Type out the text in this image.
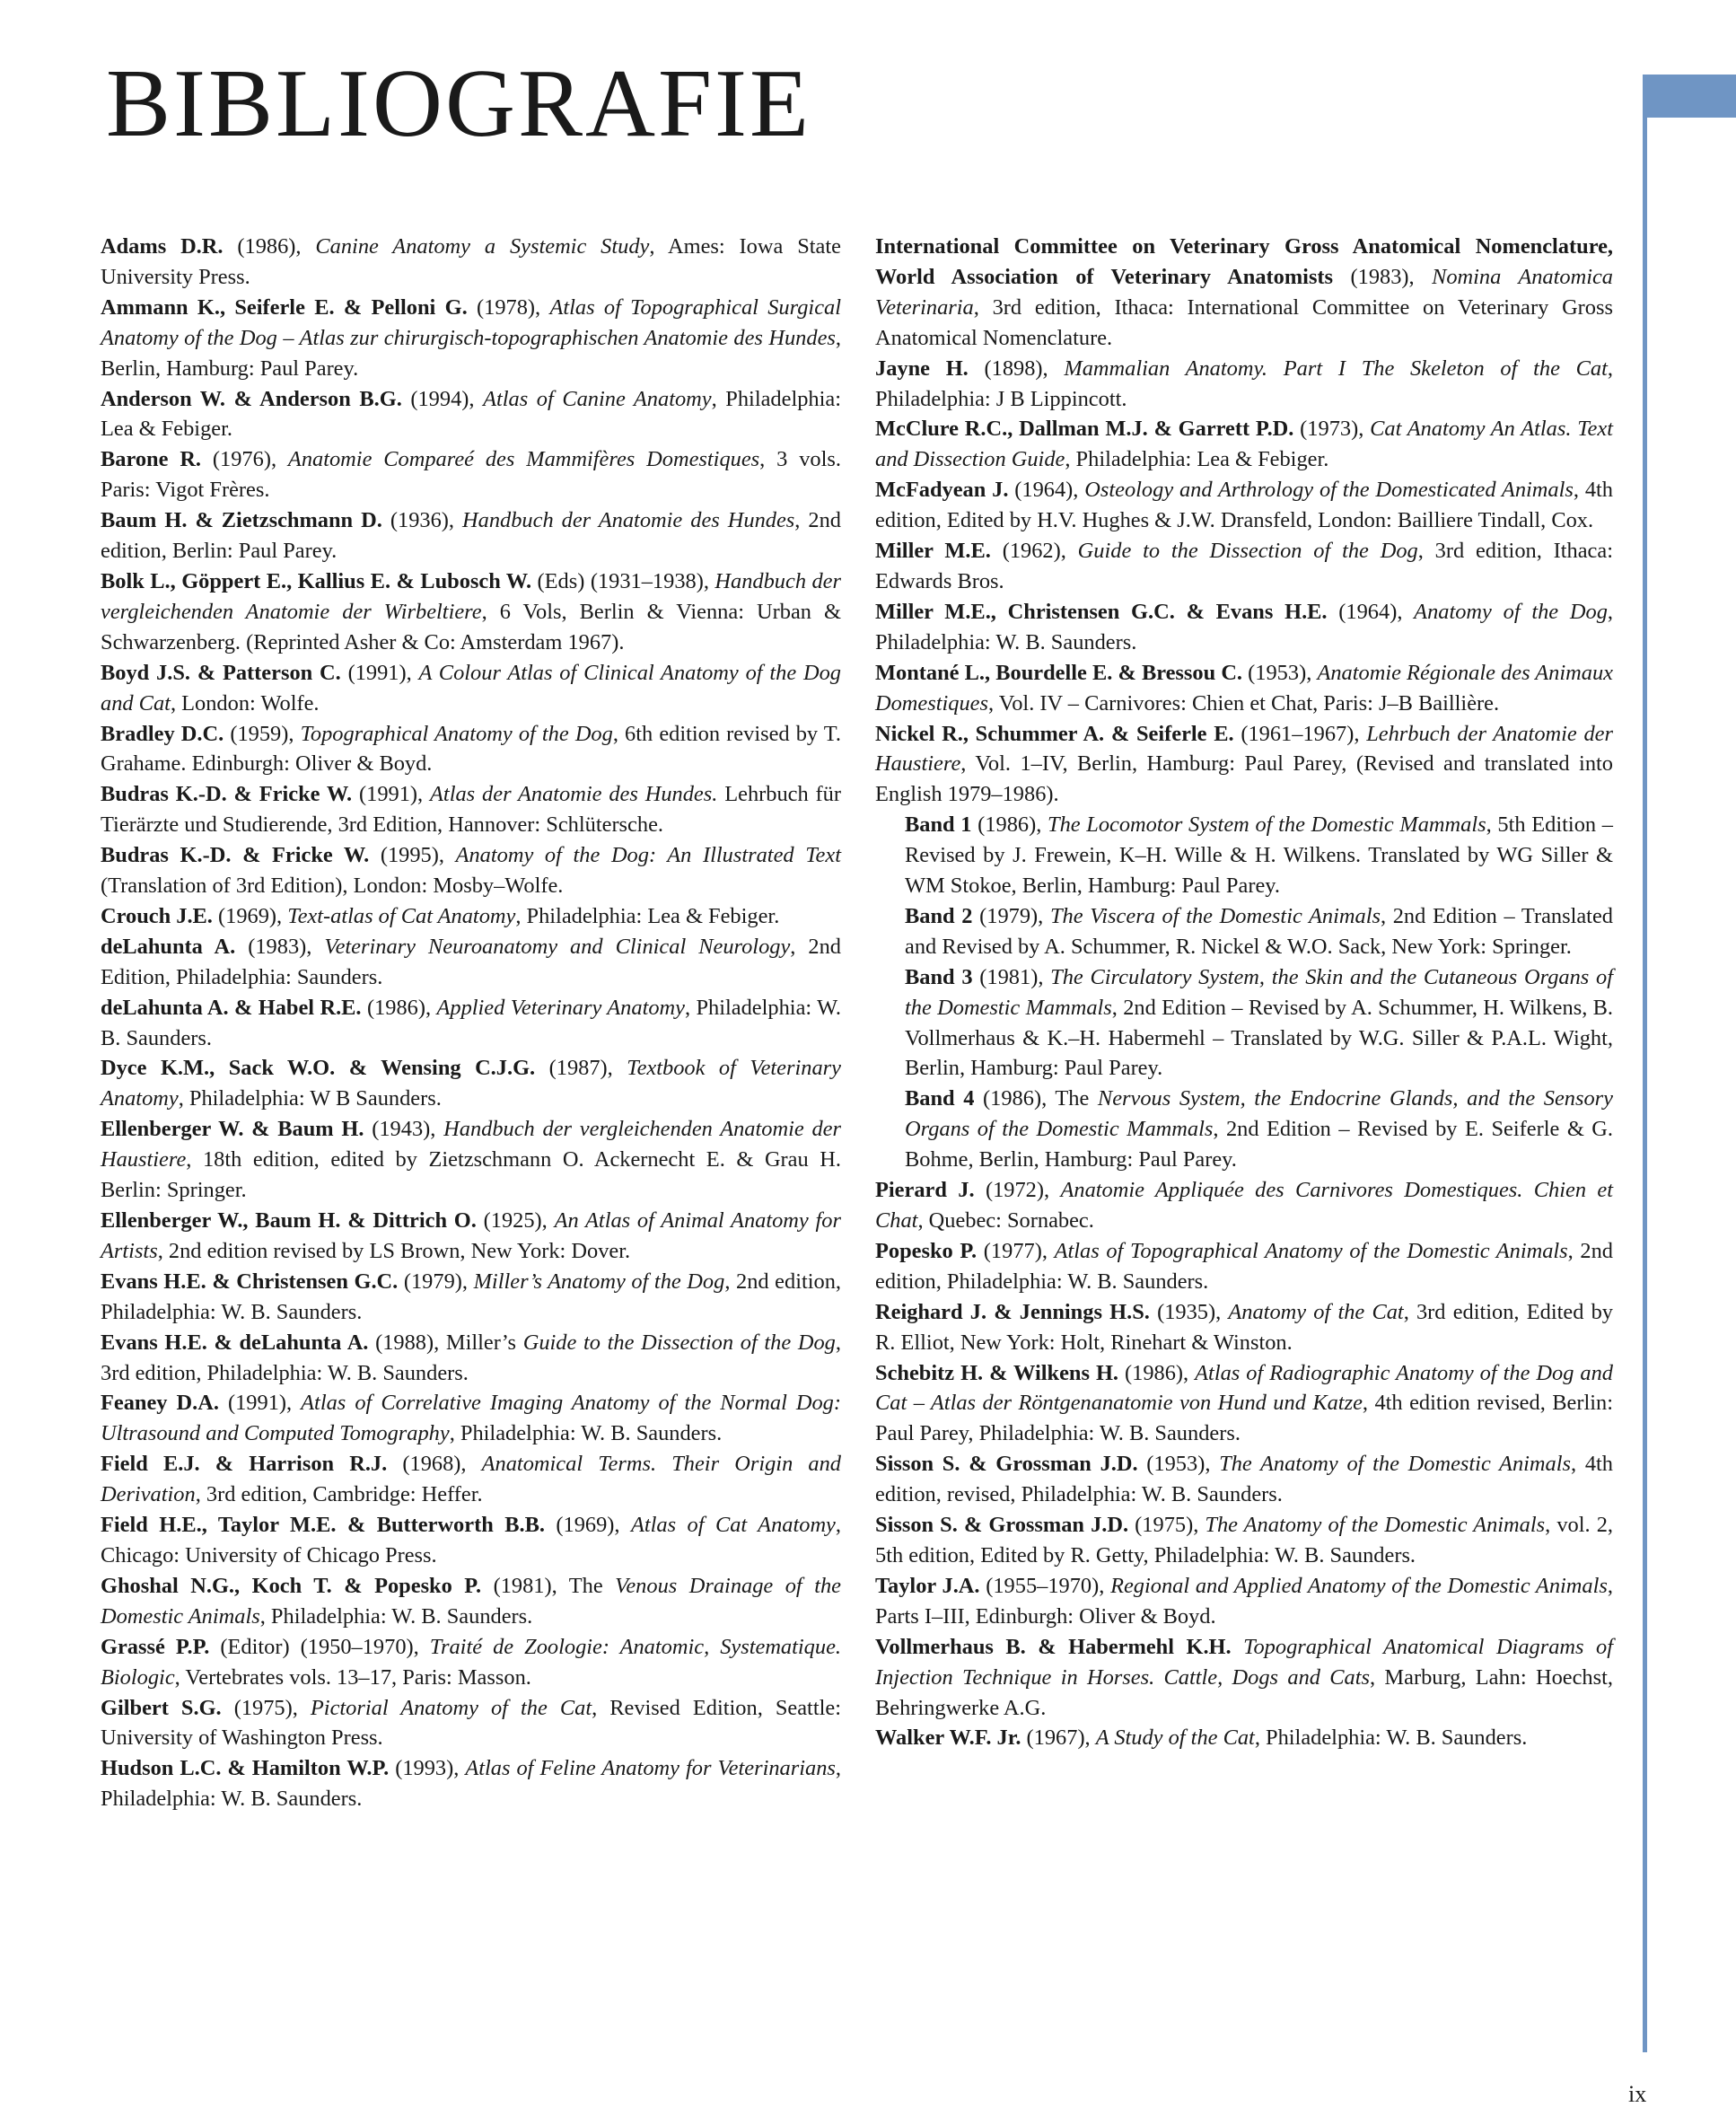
BIBLIOGRAFIE

Adams D.R. (1986), Canine Anatomy a Systemic Study, Ames: Iowa State University Press.

Ammann K., Seiferle E. & Pelloni G. (1978), Atlas of Topographical Surgical Anatomy of the Dog – Atlas zur chirurgisch-topographischen Anatomie des Hundes, Berlin, Hamburg: Paul Parey.

Anderson W. & Anderson B.G. (1994), Atlas of Canine Anatomy, Philadelphia: Lea & Febiger.

Barone R. (1976), Anatomie Compareé des Mammifères Domestiques, 3 vols. Paris: Vigot Frères.

Baum H. & Zietzschmann D. (1936), Handbuch der Anatomie des Hundes, 2nd edition, Berlin: Paul Parey.

Bolk L., Göppert E., Kallius E. & Lubosch W. (Eds) (1931–1938), Handbuch der vergleichenden Anatomie der Wirbeltiere, 6 Vols, Berlin & Vienna: Urban & Schwarzenberg. (Reprinted Asher & Co: Amsterdam 1967).

Boyd J.S. & Patterson C. (1991), A Colour Atlas of Clinical Anatomy of the Dog and Cat, London: Wolfe.

Bradley D.C. (1959), Topographical Anatomy of the Dog, 6th edition revised by T. Grahame. Edinburgh: Oliver & Boyd.

Budras K.-D. & Fricke W. (1991), Atlas der Anatomie des Hundes. Lehrbuch für Tierärzte und Studierende, 3rd Edition, Hannover: Schlütersche.

Budras K.-D. & Fricke W. (1995), Anatomy of the Dog: An Illustrated Text (Translation of 3rd Edition), London: Mosby–Wolfe.

Crouch J.E. (1969), Text-atlas of Cat Anatomy, Philadelphia: Lea & Febiger.

deLahunta A. (1983), Veterinary Neuroanatomy and Clinical Neurology, 2nd Edition, Philadelphia: Saunders.

deLahunta A. & Habel R.E. (1986), Applied Veterinary Anatomy, Philadelphia: W. B. Saunders.

Dyce K.M., Sack W.O. & Wensing C.J.G. (1987), Textbook of Veterinary Anatomy, Philadelphia: W B Saunders.

Ellenberger W. & Baum H. (1943), Handbuch der vergleichenden Anatomie der Haustiere, 18th edition, edited by Zietzschmann O. Ackernecht E. & Grau H. Berlin: Springer.

Ellenberger W., Baum H. & Dittrich O. (1925), An Atlas of Animal Anatomy for Artists, 2nd edition revised by LS Brown, New York: Dover.

Evans H.E. & Christensen G.C. (1979), Miller’s Anatomy of the Dog, 2nd edition, Philadelphia: W. B. Saunders.

Evans H.E. & deLahunta A. (1988), Miller’s Guide to the Dissection of the Dog, 3rd edition, Philadelphia: W. B. Saunders.

Feaney D.A. (1991), Atlas of Correlative Imaging Anatomy of the Normal Dog: Ultrasound and Computed Tomography, Philadelphia: W. B. Saunders.

Field E.J. & Harrison R.J. (1968), Anatomical Terms. Their Origin and Derivation, 3rd edition, Cambridge: Heffer.

Field H.E., Taylor M.E. & Butterworth B.B. (1969), Atlas of Cat Anatomy, Chicago: University of Chicago Press.

Ghoshal N.G., Koch T. & Popesko P. (1981), The Venous Drainage of the Domestic Animals, Philadelphia: W. B. Saunders.

Grassé P.P. (Editor) (1950–1970), Traité de Zoologie: Anatomic, Systematique. Biologic, Vertebrates vols. 13–17, Paris: Masson.

Gilbert S.G. (1975), Pictorial Anatomy of the Cat, Revised Edition, Seattle: University of Washington Press.

Hudson L.C. & Hamilton W.P. (1993), Atlas of Feline Anatomy for Veterinarians, Philadelphia: W. B. Saunders.

International Committee on Veterinary Gross Anatomical Nomenclature, World Association of Veterinary Anatomists (1983), Nomina Anatomica Veterinaria, 3rd edition, Ithaca: International Committee on Veterinary Gross Anatomical Nomenclature.

Jayne H. (1898), Mammalian Anatomy. Part I The Skeleton of the Cat, Philadelphia: J B Lippincott.

McClure R.C., Dallman M.J. & Garrett P.D. (1973), Cat Anatomy An Atlas. Text and Dissection Guide, Philadelphia: Lea & Febiger.

McFadyean J. (1964), Osteology and Arthrology of the Domesticated Animals, 4th edition, Edited by H.V. Hughes & J.W. Dransfeld, London: Bailliere Tindall, Cox.

Miller M.E. (1962), Guide to the Dissection of the Dog, 3rd edition, Ithaca: Edwards Bros.

Miller M.E., Christensen G.C. & Evans H.E. (1964), Anatomy of the Dog, Philadelphia: W. B. Saunders.

Montané L., Bourdelle E. & Bressou C. (1953), Anatomie Régionale des Animaux Domestiques, Vol. IV – Carnivores: Chien et Chat, Paris: J–B Baillière.

Nickel R., Schummer A. & Seiferle E. (1961–1967), Lehrbuch der Anatomie der Haustiere, Vol. 1–IV, Berlin, Hamburg: Paul Parey, (Revised and translated into English 1979–1986).

Band 1 (1986), The Locomotor System of the Domestic Mammals, 5th Edition – Revised by J. Frewein, K–H. Wille & H. Wilkens. Translated by WG Siller & WM Stokoe, Berlin, Hamburg: Paul Parey.

Band 2 (1979), The Viscera of the Domestic Animals, 2nd Edition – Translated and Revised by A. Schummer, R. Nickel & W.O. Sack, New York: Springer.

Band 3 (1981), The Circulatory System, the Skin and the Cutaneous Organs of the Domestic Mammals, 2nd Edition – Revised by A. Schummer, H. Wilkens, B. Vollmerhaus & K.–H. Habermehl – Translated by W.G. Siller & P.A.L. Wight, Berlin, Hamburg: Paul Parey.

Band 4 (1986), The Nervous System, the Endocrine Glands, and the Sensory Organs of the Domestic Mammals, 2nd Edition – Revised by E. Seiferle & G. Bohme, Berlin, Hamburg: Paul Parey.

Pierard J. (1972), Anatomie Appliquée des Carnivores Domestiques. Chien et Chat, Quebec: Sornabec.

Popesko P. (1977), Atlas of Topographical Anatomy of the Domestic Animals, 2nd edition, Philadelphia: W. B. Saunders.

Reighard J. & Jennings H.S. (1935), Anatomy of the Cat, 3rd edition, Edited by R. Elliot, New York: Holt, Rinehart & Winston.

Schebitz H. & Wilkens H. (1986), Atlas of Radiographic Anatomy of the Dog and Cat – Atlas der Röntgenanatomie von Hund und Katze, 4th edition revised, Berlin: Paul Parey, Philadelphia: W. B. Saunders.

Sisson S. & Grossman J.D. (1953), The Anatomy of the Domestic Animals, 4th edition, revised, Philadelphia: W. B. Saunders.

Sisson S. & Grossman J.D. (1975), The Anatomy of the Domestic Animals, vol. 2, 5th edition, Edited by R. Getty, Philadelphia: W. B. Saunders.

Taylor J.A. (1955–1970), Regional and Applied Anatomy of the Domestic Animals, Parts I–III, Edinburgh: Oliver & Boyd.

Vollmerhaus B. & Habermehl K.H. Topographical Anatomical Diagrams of Injection Technique in Horses. Cattle, Dogs and Cats, Marburg, Lahn: Hoechst, Behringwerke A.G.

Walker W.F. Jr. (1967), A Study of the Cat, Philadelphia: W. B. Saunders.

ix
